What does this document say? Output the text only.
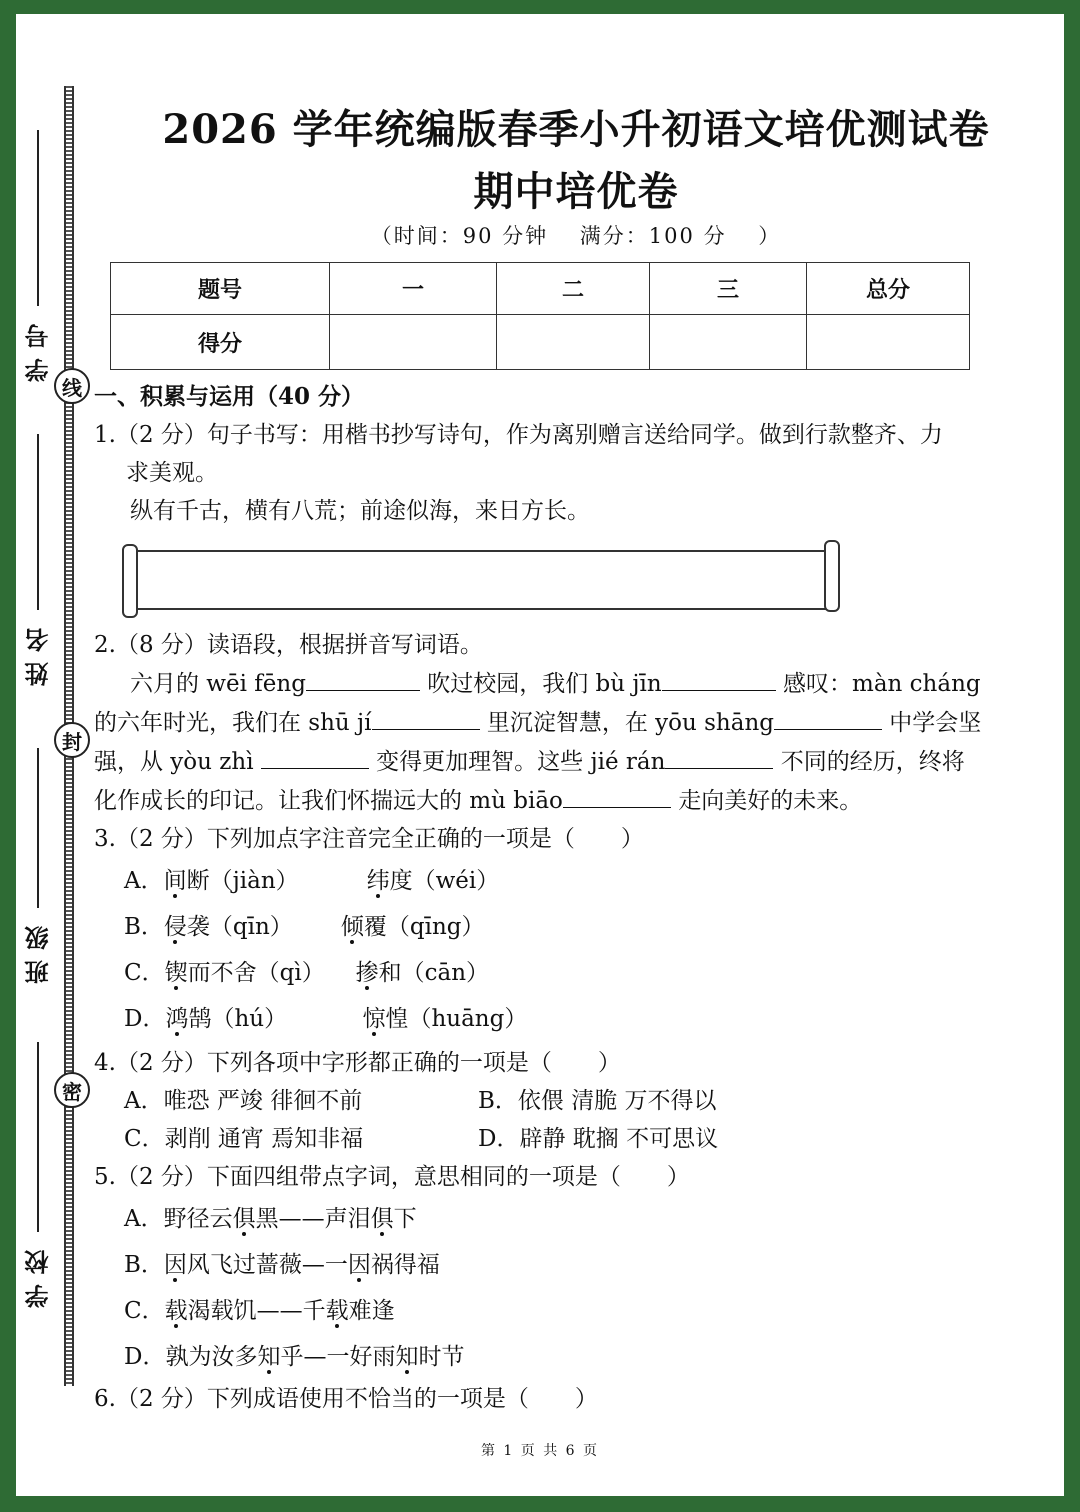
线
封
密
学号
姓名
班级
学校
2026 学年统编版春季小升初语文培优测试卷
期中培优卷
（时间：90 分钟　 满分：100 分　 ）
题号	一	二	三	总分
得分				
一、积累与运用（40 分）

1.（2 分）句子书写：用楷书抄写诗句，作为离别赠言送给同学。做到行款整齐、力

求美观。

纵有千古，横有八荒；前途似海，来日方长。

2.（8 分）读语段，根据拼音写词语。

六月的 wēi fēng	吹过校园，我们 bù jīn	感叹：màn cháng

的六年时光，我们在 shū jí	里沉淀智慧，在 yōu shāng	中学会坚

强，从 yòu zhì	变得更加理智。这些 jié rán	不同的经历，终将

化作成长的印记。让我们怀揣远大的 mù biāo	走向美好的未来。

3.（2 分）下列加点字注音完全正确的一项是（　　）

A．间断（jiàn）	纬度（wéi）
B．侵袭（qīn） 倾覆（qīng）
C．锲而不舍（qì） 掺和（cān）
D．鸿鹄（hú）	惊惶（huāng）

4.（2 分）下列各项中字形都正确的一项是（　　）

A．唯恐 严竣 徘徊不前	B．依偎 清脆 万不得以
C．剥削 通宵 焉知非福	D．辟静 耽搁 不可思议

5.（2 分）下面四组带点字词，意思相同的一项是（　　）

A．野径云俱黑——声泪俱下
B．因风飞过蔷薇—一因祸得福
C．载渴载饥——千载难逢
D．孰为汝多知乎—一好雨知时节

6.（2 分）下列成语使用不恰当的一项是（　　）

第 1 页 共 6 页
